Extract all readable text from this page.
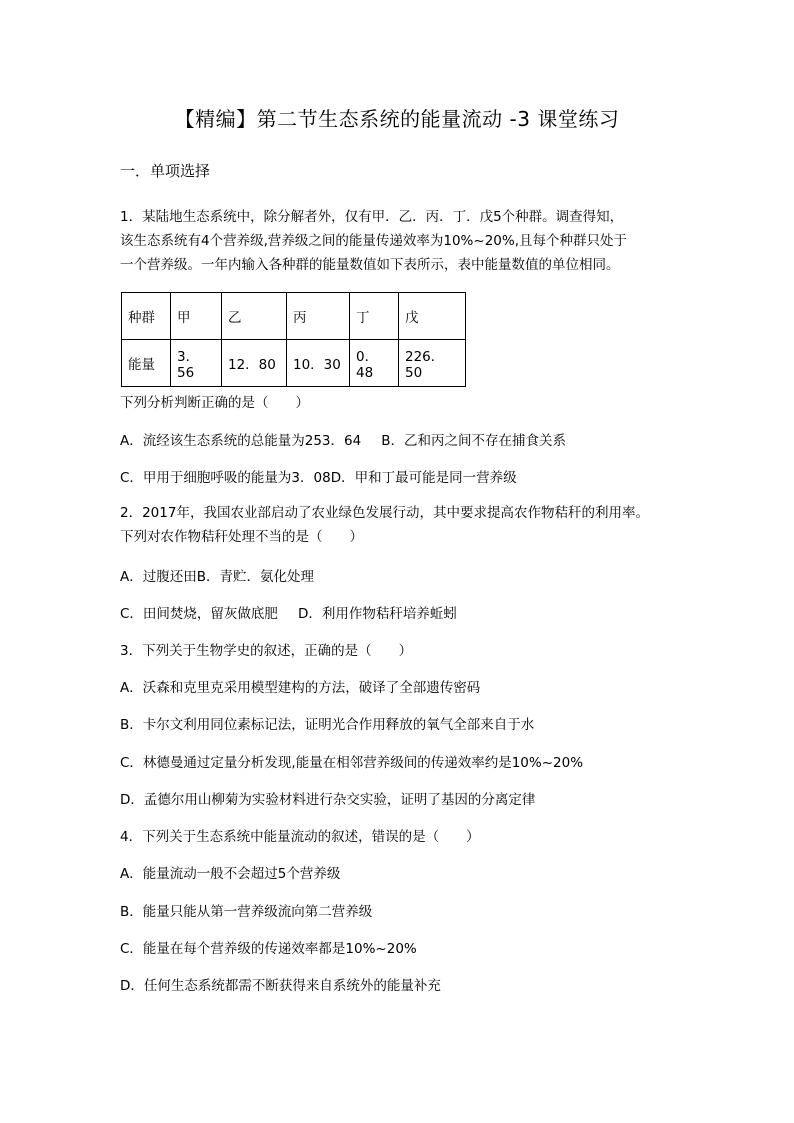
【精编】第二节生态系统的能量流动 -3 课堂练习
一．单项选择
1．某陆地生态系统中，除分解者外，仅有甲．乙．丙．丁．戊5个种群。调查得知，
该生态系统有4个营养级,营养级之间的能量传递效率为10%~20%,且每个种群只处于
一个营养级。一年内输入各种群的能量数值如下表所示，表中能量数值的单位相同。
种群	甲	乙	丙	丁	戊
能量	3．56	12．80	10．30	0．48	226．50
下列分析判断正确的是（　　）
A．流经该生态系统的总能量为253．64 B．乙和丙之间不存在捕食关系
C．甲用于细胞呼吸的能量为3．08D．甲和丁最可能是同一营养级
2．2017年，我国农业部启动了农业绿色发展行动，其中要求提高农作物秸秆的利用率。
下列对农作物秸秆处理不当的是（　　）
A．过腹还田B．青贮．氨化处理
C．田间焚烧，留灰做底肥 D．利用作物秸秆培养蚯蚓
3．下列关于生物学史的叙述，正确的是（　　）
A．沃森和克里克采用模型建构的方法，破译了全部遗传密码
B．卡尔文利用同位素标记法，证明光合作用释放的氧气全部来自于水
C．林德曼通过定量分析发现,能量在相邻营养级间的传递效率约是10%~20%
D．孟德尔用山柳菊为实验材料进行杂交实验，证明了基因的分离定律
4．下列关于生态系统中能量流动的叙述，错误的是（　　）
A．能量流动一般不会超过5个营养级
B．能量只能从第一营养级流向第二营养级
C．能量在每个营养级的传递效率都是10%~20%
D．任何生态系统都需不断获得来自系统外的能量补充
